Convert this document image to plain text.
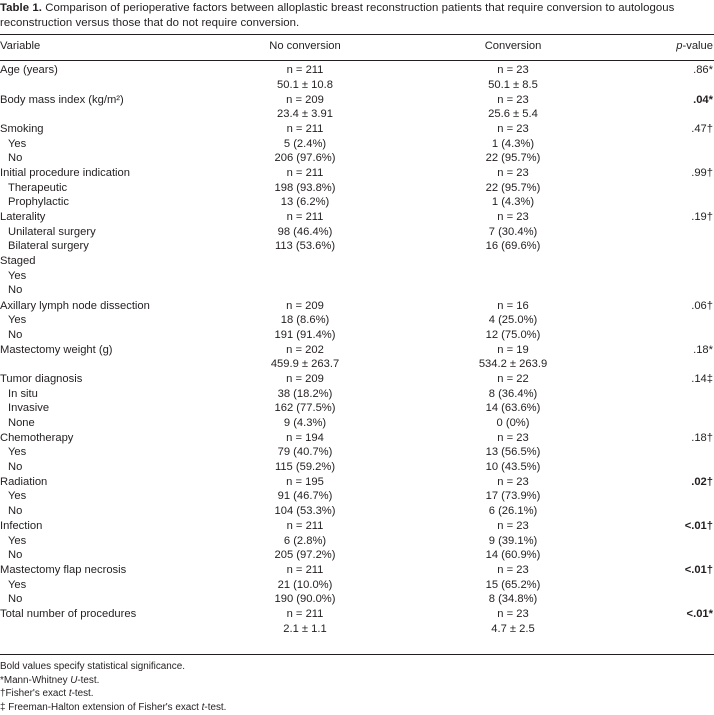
Table 1. Comparison of perioperative factors between alloplastic breast reconstruction patients that require conversion to autologous reconstruction versus those that do not require conversion.
Variable	No conversion	Conversion	p-value
Age (years)	n = 211	n = 23	.86*
50.1 ± 10.8	50.1 ± 8.5
Body mass index (kg/m²)	n = 209	n = 23	.04*
23.4 ± 3.91	25.6 ± 5.4
Smoking	n = 211	n = 23	.47†
Yes	5 (2.4%)	1 (4.3%)
No	206 (97.6%)	22 (95.7%)
Initial procedure indication	n = 211	n = 23	.99†
Therapeutic	198 (93.8%)	22 (95.7%)
Prophylactic	13 (6.2%)	1 (4.3%)
Laterality	n = 211	n = 23	.19†
Unilateral surgery	98 (46.4%)	7 (30.4%)
Bilateral surgery	113 (53.6%)	16 (69.6%)
Staged
Yes
No
Axillary lymph node dissection	n = 209	n = 16	.06†
Yes	18 (8.6%)	4 (25.0%)
No	191 (91.4%)	12 (75.0%)
Mastectomy weight (g)	n = 202	n = 19	.18*
459.9 ± 263.7	534.2 ± 263.9
Tumor diagnosis	n = 209	n = 22	.14‡
In situ	38 (18.2%)	8 (36.4%)
Invasive	162 (77.5%)	14 (63.6%)
None	9 (4.3%)	0 (0%)
Chemotherapy	n = 194	n = 23	.18†
Yes	79 (40.7%)	13 (56.5%)
No	115 (59.2%)	10 (43.5%)
Radiation	n = 195	n = 23	.02†
Yes	91 (46.7%)	17 (73.9%)
No	104 (53.3%)	6 (26.1%)
Infection	n = 211	n = 23	<.01†
Yes	6 (2.8%)	9 (39.1%)
No	205 (97.2%)	14 (60.9%)
Mastectomy flap necrosis	n = 211	n = 23	<.01†
Yes	21 (10.0%)	15 (65.2%)
No	190 (90.0%)	8 (34.8%)
Total number of procedures	n = 211	n = 23	<.01*
2.1 ± 1.1	4.7 ± 2.5
Bold values specify statistical significance.
*Mann-Whitney U-test.
†Fisher's exact t-test.
‡ Freeman-Halton extension of Fisher's exact t-test.
